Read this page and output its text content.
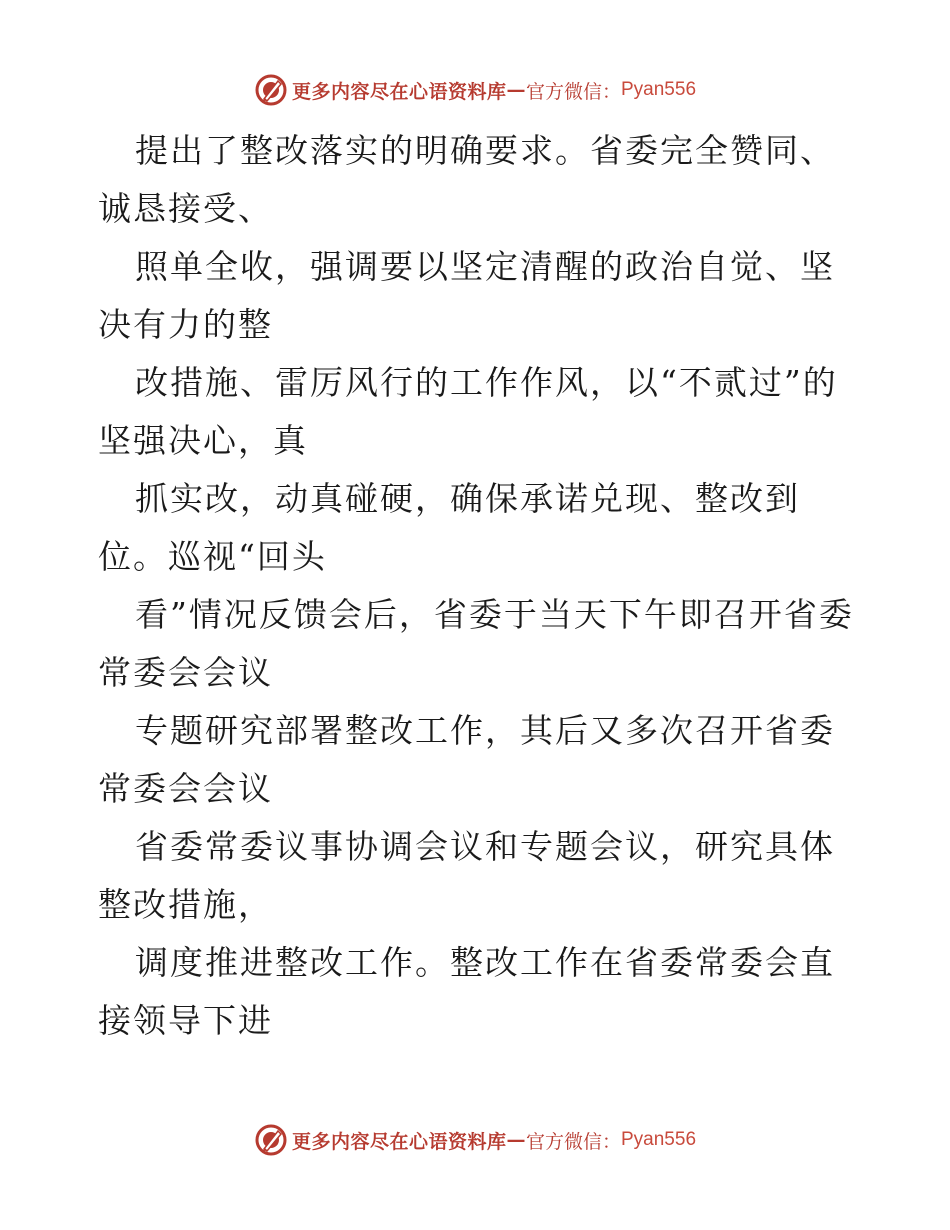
更多内容尽在心语资料库 — 官方微信： Pyan556

提出了整改落实的明确要求。省委完全赞同、诚恳接受、

照单全收，强调要以坚定清醒的政治自觉、坚决有力的整

改措施、雷厉风行的工作作风，以“不贰过”的坚强决心，真

抓实改，动真碰硬，确保承诺兑现、整改到位。巡视“回头

看”情况反馈会后，省委于当天下午即召开省委常委会会议

专题研究部署整改工作，其后又多次召开省委常委会会议

省委常委议事协调会议和专题会议，研究具体整改措施，

调度推进整改工作。整改工作在省委常委会直接领导下进

更多内容尽在心语资料库 — 官方微信： Pyan556
